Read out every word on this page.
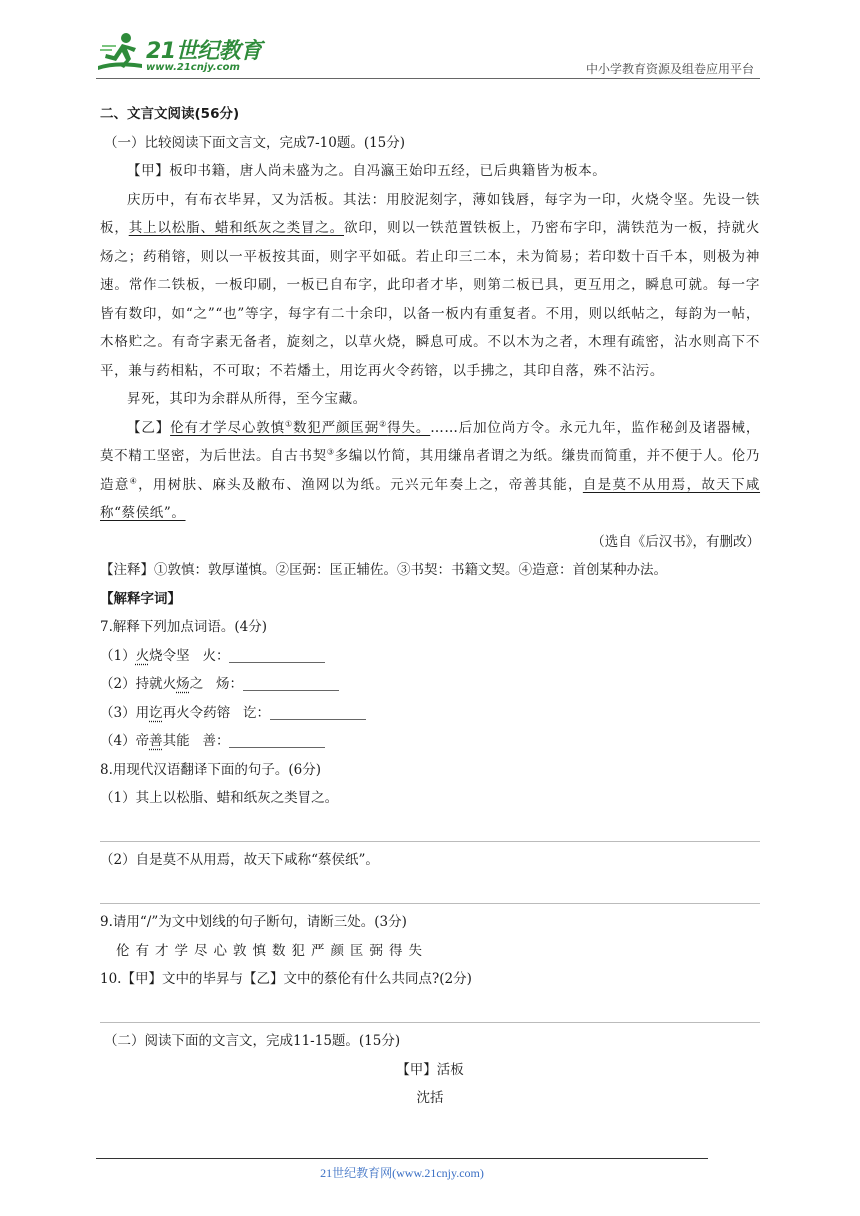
21世纪教育
www.21cnjy.com	中小学教育资源及组卷应用平台

二、文言文阅读(56分)

（一）比较阅读下面文言文，完成7-10题。(15分)

【甲】板印书籍，唐人尚未盛为之。自冯瀛王始印五经，已后典籍皆为板本。

庆历中，有布衣毕昇，又为活板。其法：用胶泥刻字，薄如钱唇，每字为一印，火烧令坚。先设一铁板，其上以松脂、蜡和纸灰之类冒之。欲印，则以一铁范置铁板上，乃密布字印，满铁范为一板，持就火炀之；药稍镕，则以一平板按其面，则字平如砥。若止印三二本，未为简易；若印数十百千本，则极为神速。常作二铁板，一板印刷，一板已自布字，此印者才毕，则第二板已具，更互用之，瞬息可就。每一字皆有数印，如“之”“也”等字，每字有二十余印，以备一板内有重复者。不用，则以纸帖之，每韵为一帖，木格贮之。有奇字素无备者，旋刻之，以草火烧，瞬息可成。不以木为之者，木理有疏密，沾水则高下不平，兼与药相粘，不可取；不若燔土，用讫再火令药镕，以手拂之，其印自落，殊不沾污。

昇死，其印为余群从所得，至今宝藏。

【乙】伦有才学尽心敦慎①数犯严颜匡弼②得失。……后加位尚方令。永元九年，监作秘剑及诸器械，莫不精工坚密，为后世法。自古书契③多编以竹简，其用缣帛者谓之为纸。缣贵而简重，并不便于人。伦乃造意④，用树肤、麻头及敝布、渔网以为纸。元兴元年奏上之，帝善其能，自是莫不从用焉，故天下咸称“蔡侯纸”。

（选自《后汉书》，有删改）

【注释】①敦慎：敦厚谨慎。②匡弼：匡正辅佐。③书契：书籍文契。④造意：首创某种办法。

【解释字词】

7.解释下列加点词语。(4分)

（1）火烧令坚 火：

（2）持就火炀之 炀：

（3）用讫再火令药镕 讫：

（4）帝善其能 善：

8.用现代汉语翻译下面的句子。(6分)

（1）其上以松脂、蜡和纸灰之类冒之。

（2）自是莫不从用焉，故天下咸称“蔡侯纸”。

9.请用“/”为文中划线的句子断句，请断三处。(3分)

伦有才学尽心敦慎数犯严颜匡弼得失

10.【甲】文中的毕昇与【乙】文中的蔡伦有什么共同点?(2分)

（二）阅读下面的文言文，完成11-15题。(15分)

【甲】活板

沈括

21世纪教育网(www.21cnjy.com)
